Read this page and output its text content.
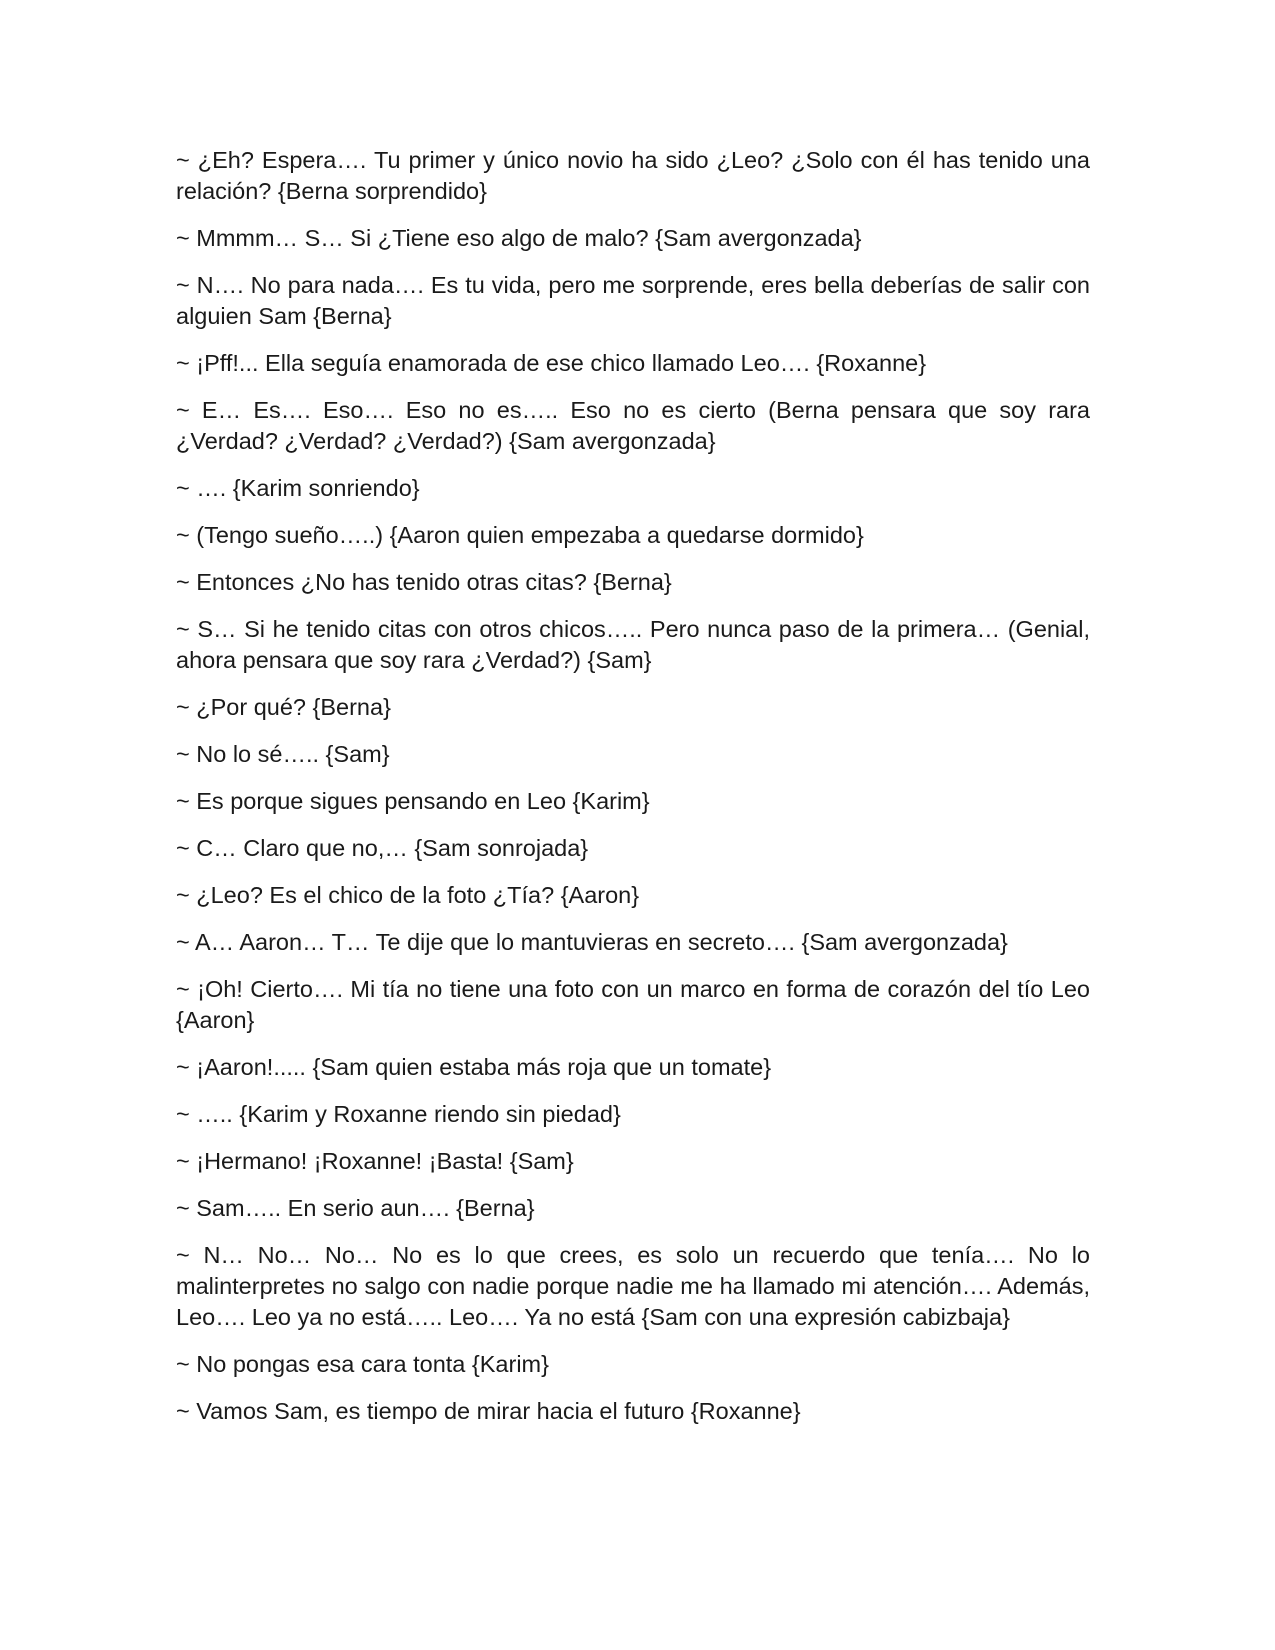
~ ¿Eh? Espera…. Tu primer y único novio ha sido ¿Leo? ¿Solo con él has tenido una relación? {Berna sorprendido}

~ Mmmm… S… Si ¿Tiene eso algo de malo? {Sam avergonzada}

~ N…. No para nada…. Es tu vida, pero me sorprende, eres bella deberías de salir con alguien Sam {Berna}

~ ¡Pff!... Ella seguía enamorada de ese chico llamado Leo…. {Roxanne}

~ E… Es…. Eso…. Eso no es….. Eso no es cierto (Berna pensara que soy rara ¿Verdad? ¿Verdad? ¿Verdad?) {Sam avergonzada}

~ …. {Karim sonriendo}

~ (Tengo sueño…..) {Aaron quien empezaba a quedarse dormido}

~ Entonces ¿No has tenido otras citas? {Berna}

~ S… Si he tenido citas con otros chicos….. Pero nunca paso de la primera… (Genial, ahora pensara que soy rara ¿Verdad?) {Sam}

~ ¿Por qué? {Berna}

~ No lo sé….. {Sam}

~ Es porque sigues pensando en Leo {Karim}

~ C… Claro que no,… {Sam sonrojada}

~ ¿Leo? Es el chico de la foto ¿Tía? {Aaron}

~ A… Aaron… T… Te dije que lo mantuvieras en secreto…. {Sam avergonzada}

~ ¡Oh! Cierto…. Mi tía no tiene una foto con un marco en forma de corazón del tío Leo {Aaron}

~ ¡Aaron!..... {Sam quien estaba más roja que un tomate}

~ ….. {Karim y Roxanne riendo sin piedad}

~ ¡Hermano! ¡Roxanne! ¡Basta! {Sam}

~ Sam….. En serio aun…. {Berna}

~ N… No… No… No es lo que crees, es solo un recuerdo que tenía…. No lo malinterpretes no salgo con nadie porque nadie me ha llamado mi atención…. Además, Leo…. Leo ya no está….. Leo…. Ya no está {Sam con una expresión cabizbaja}

~ No pongas esa cara tonta {Karim}

~ Vamos Sam, es tiempo de mirar hacia el futuro {Roxanne}
